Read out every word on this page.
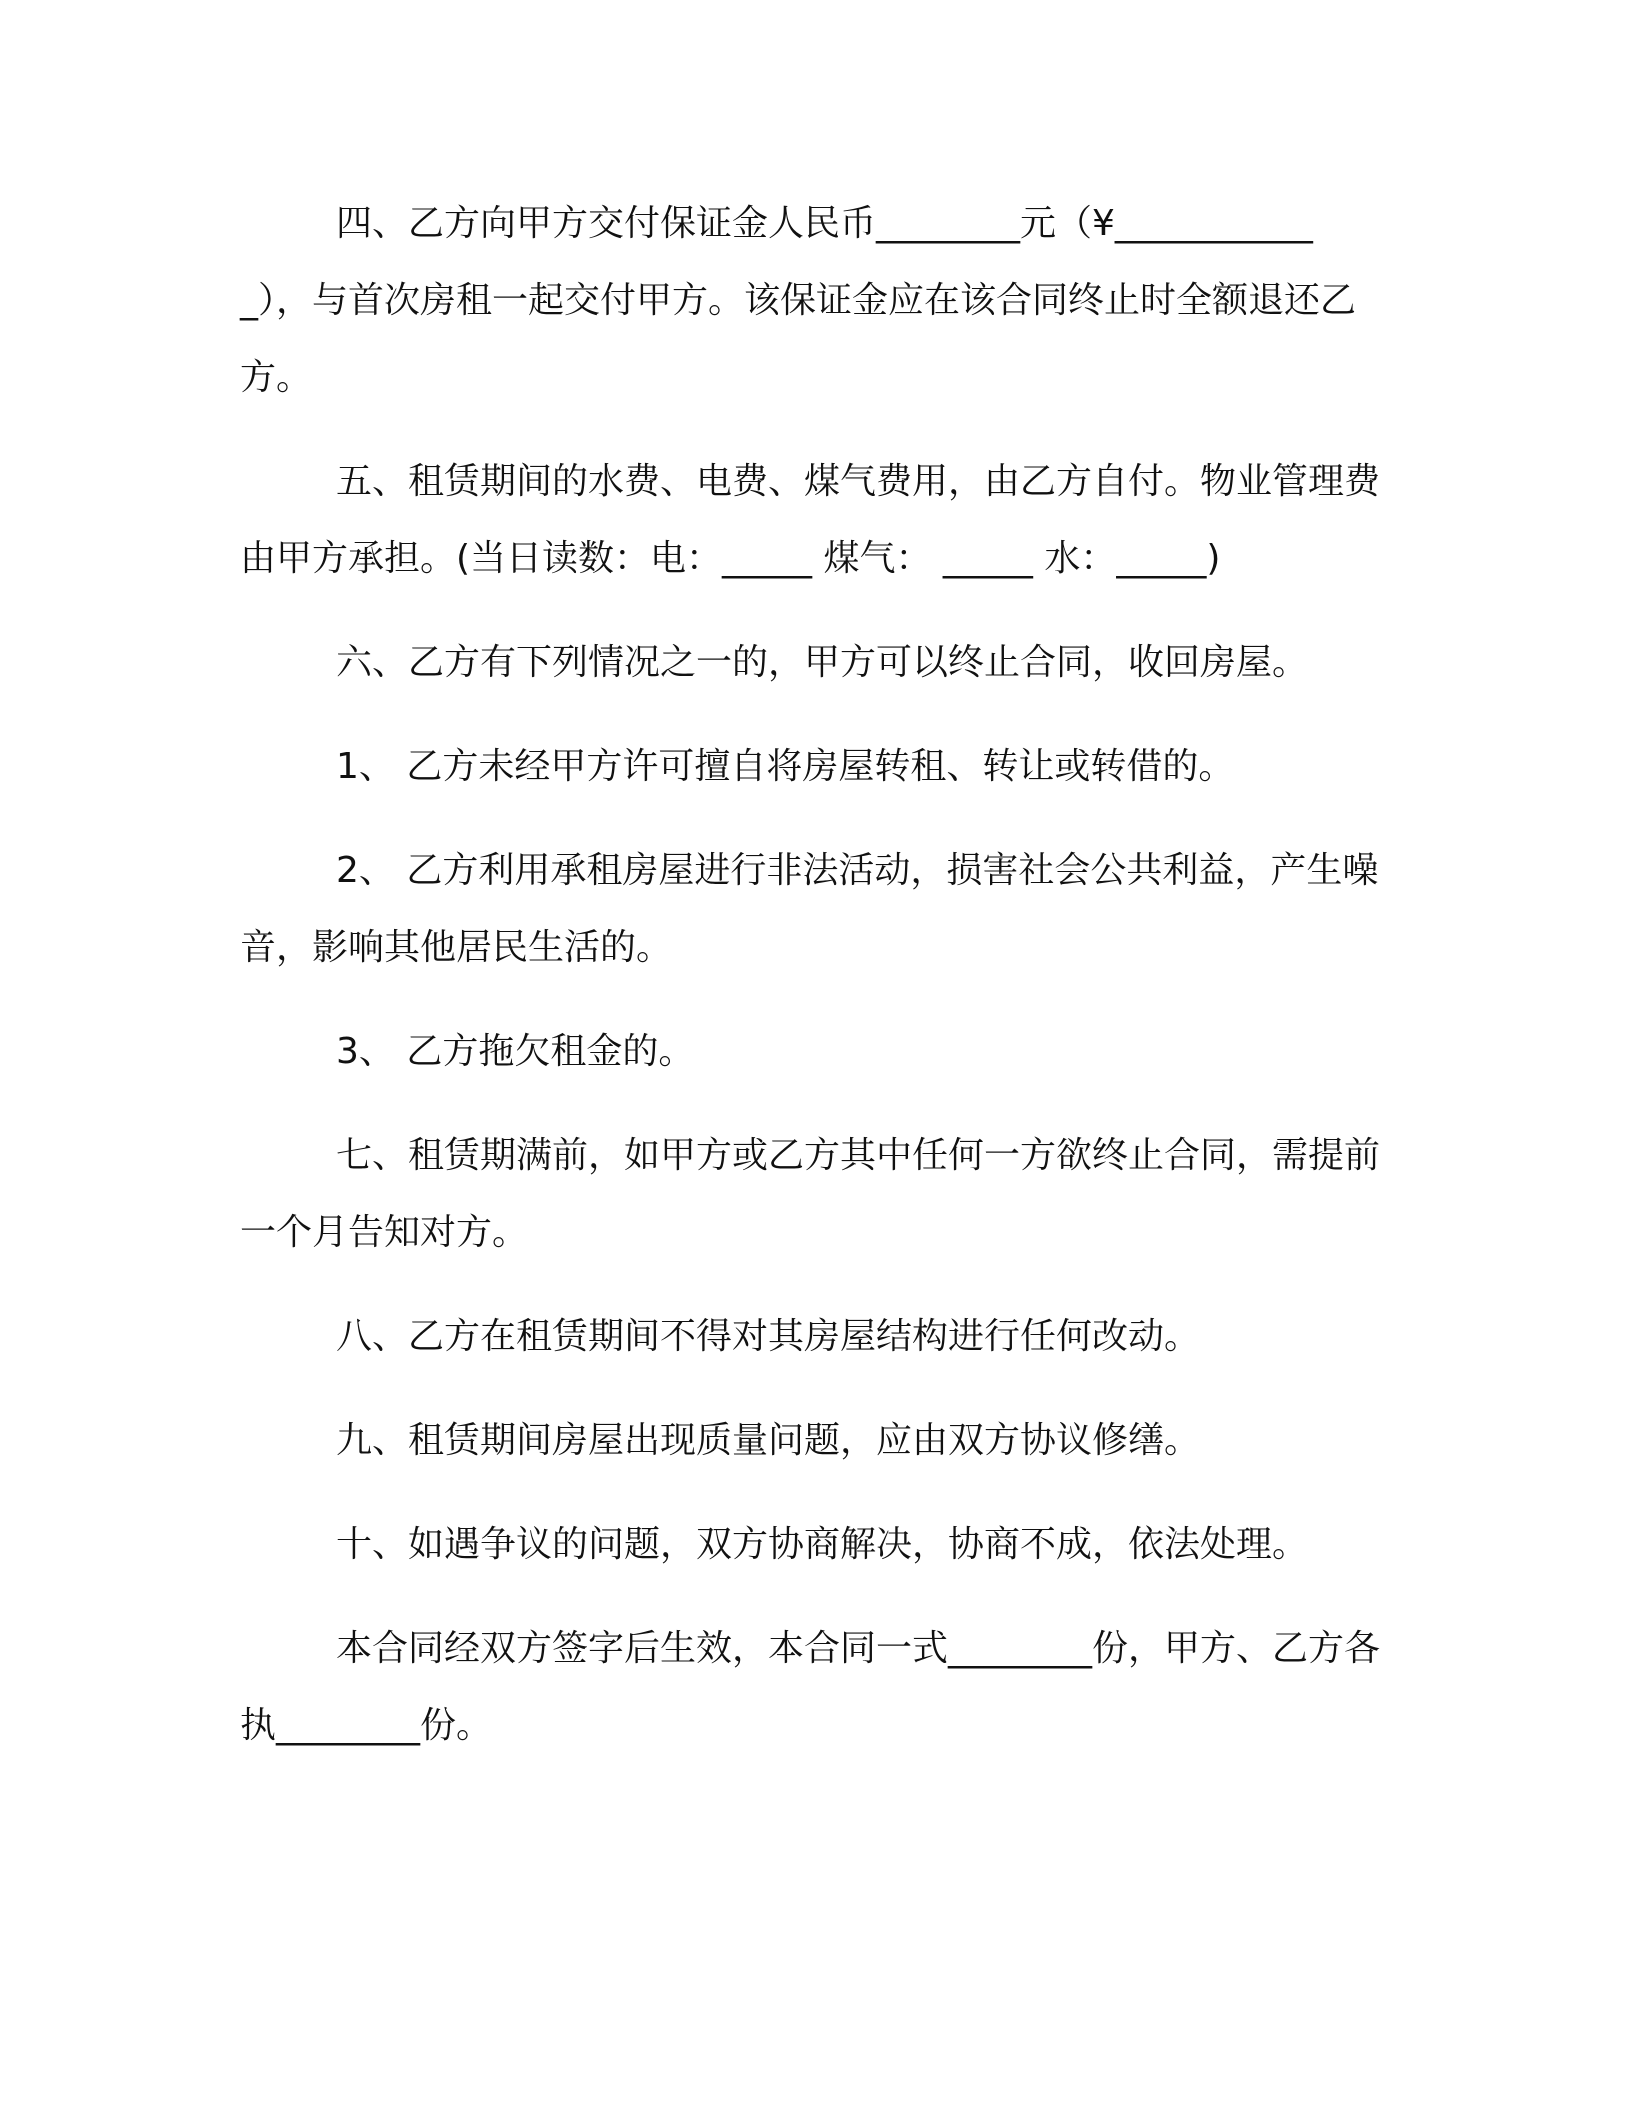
四、乙方向甲方交付保证金人民币________元（¥____________），与首次房租一起交付甲方。该保证金应在该合同终止时全额退还乙方。

五、租赁期间的水费、电费、煤气费用，由乙方自付。物业管理费由甲方承担。(当日读数：电：_____ 煤气： _____ 水：_____)

六、乙方有下列情况之一的，甲方可以终止合同，收回房屋。

1、 乙方未经甲方许可擅自将房屋转租、转让或转借的。

2、 乙方利用承租房屋进行非法活动，损害社会公共利益，产生噪音，影响其他居民生活的。

3、 乙方拖欠租金的。

七、租赁期满前，如甲方或乙方其中任何一方欲终止合同，需提前一个月告知对方。

八、乙方在租赁期间不得对其房屋结构进行任何改动。

九、租赁期间房屋出现质量问题，应由双方协议修缮。

十、如遇争议的问题，双方协商解决，协商不成，依法处理。

本合同经双方签字后生效，本合同一式________份，甲方、乙方各执________份。
